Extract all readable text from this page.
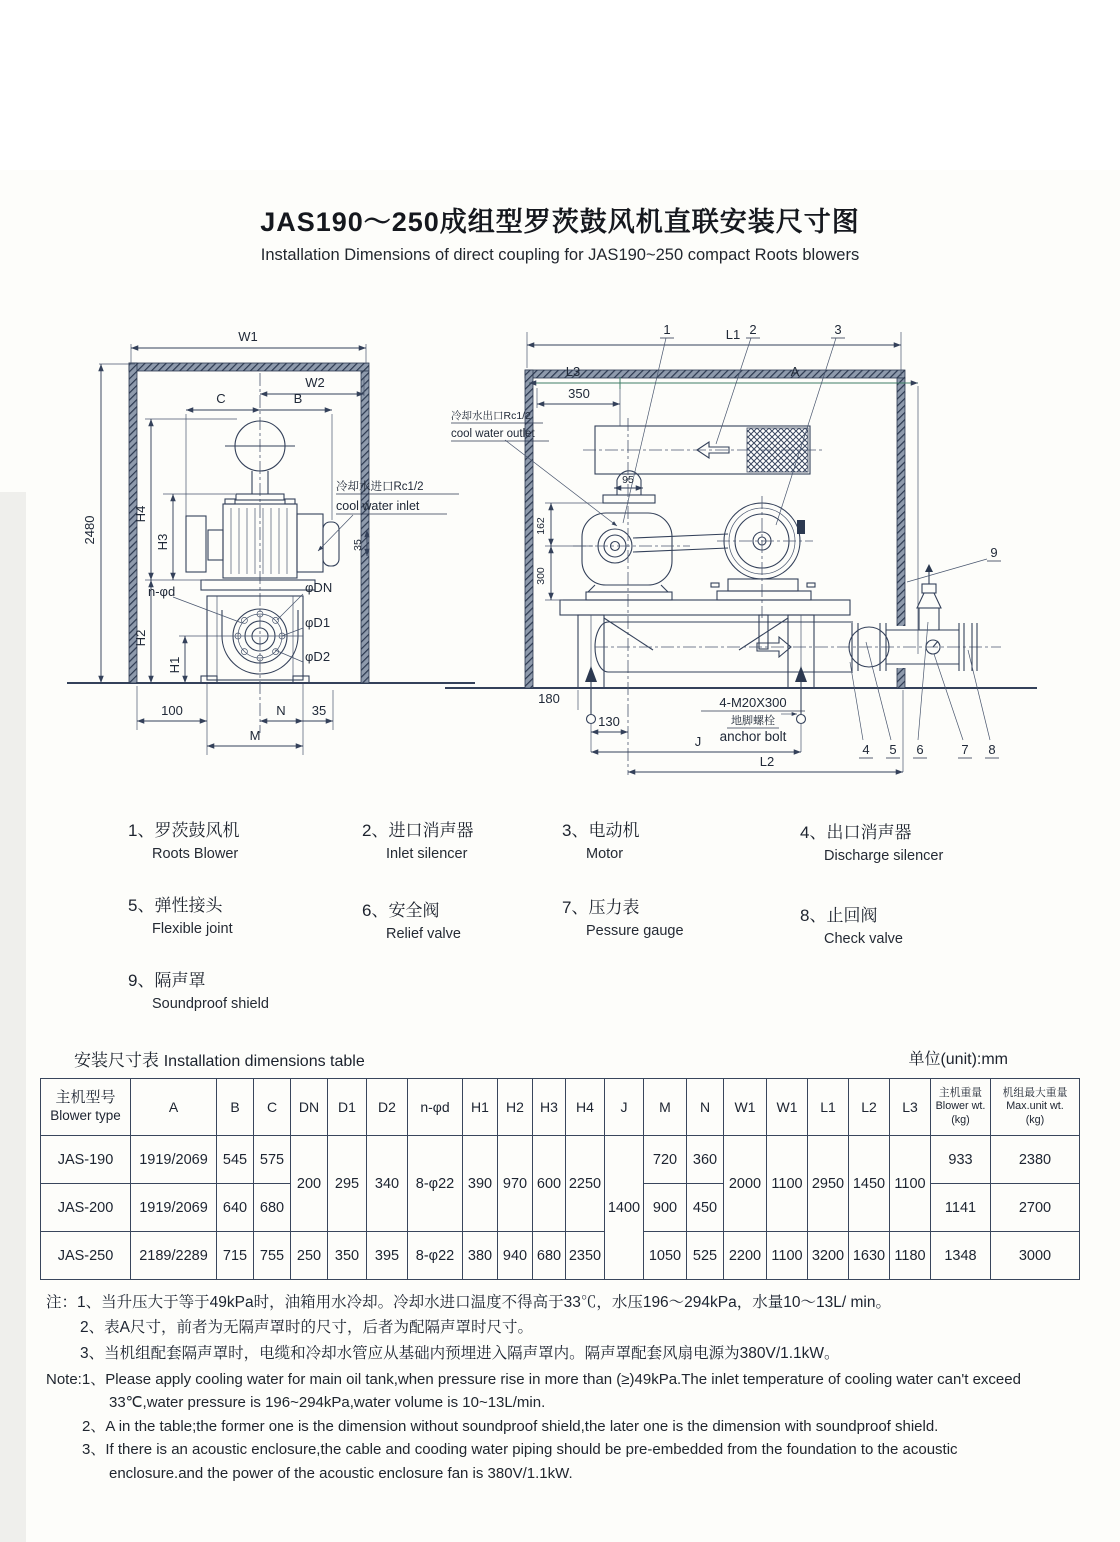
JAS190～250成组型罗茨鼓风机直联安装尺寸图
Installation Dimensions of direct coupling for JAS190~250 compact Roots blowers
W1
W2
C	B
2480
H4
H3
H2
H1
100	N 35
M
35
n-φd	φDN
φD1
φD2
冷却水进口Rc1/2
cool water inlet
L1
L3	A
350
95
162
300
180
130
J
L2
1	2	3
4 5 6	7 8
9
冷却水出口Rc1/2
cool water outlet
4-M20X300
地脚螺栓
anchor bolt
1、罗茨鼓风机
Roots Blower
2、进口消声器
Inlet silencer
3、电动机
Motor
4、出口消声器
Discharge silencer
5、弹性接头
Flexible joint
6、安全阀
Relief valve
7、压力表
Pessure gauge
8、止回阀
Check valve
9、隔声罩
Soundproof shield
安装尺寸表 Installation dimensions table	单位(unit):mm
主机型号
Blower type
	A	B	C	DN	D1	D2	n-φd	H1	H2	H3	H4	J	M	N	W1	W1	L1	L2	L3	
主机重量
Blower wt.
(kg)

机组最大重量
Max.unit wt.
(kg)

JAS-190	1919/2069	545	575	200	295	340	8-φ22	390	970	600	2250	1400	720	360	2000	1100	2950	1450	1100	933	2380
JAS-200	1919/2069	640	680										900	450						1141	2700
JAS-250	2189/2289	715	755	250	350	395	8-φ22	380	940	680	2350		1050	525	2200	1100	3200	1630	1180	1348	3000
注：1、当升压大于等于49kPa时，油箱用水冷却。冷却水进口温度不得高于33℃，水压196～294kPa，水量10～13L/ min。
2、表A尺寸，前者为无隔声罩时的尺寸，后者为配隔声罩时尺寸。
3、当机组配套隔声罩时，电缆和冷却水管应从基础内预埋进入隔声罩内。隔声罩配套风扇电源为380V/1.1kW。
Note:1、Please apply cooling water for main oil tank,when pressure rise in more than (≥)49kPa.The inlet temperature of cooling water can't exceed 33℃,water pressure is 196~294kPa,water volume is 10~13L/min.
2、A in the table;the former one is the dimension without soundproof shield,the later one is the dimension with soundproof shield.
3、If there is an acoustic enclosure,the cable and cooding water piping should be pre-embedded from the foundation to the acoustic enclosure.and the power of the acoustic enclosure fan is 380V/1.1kW.
